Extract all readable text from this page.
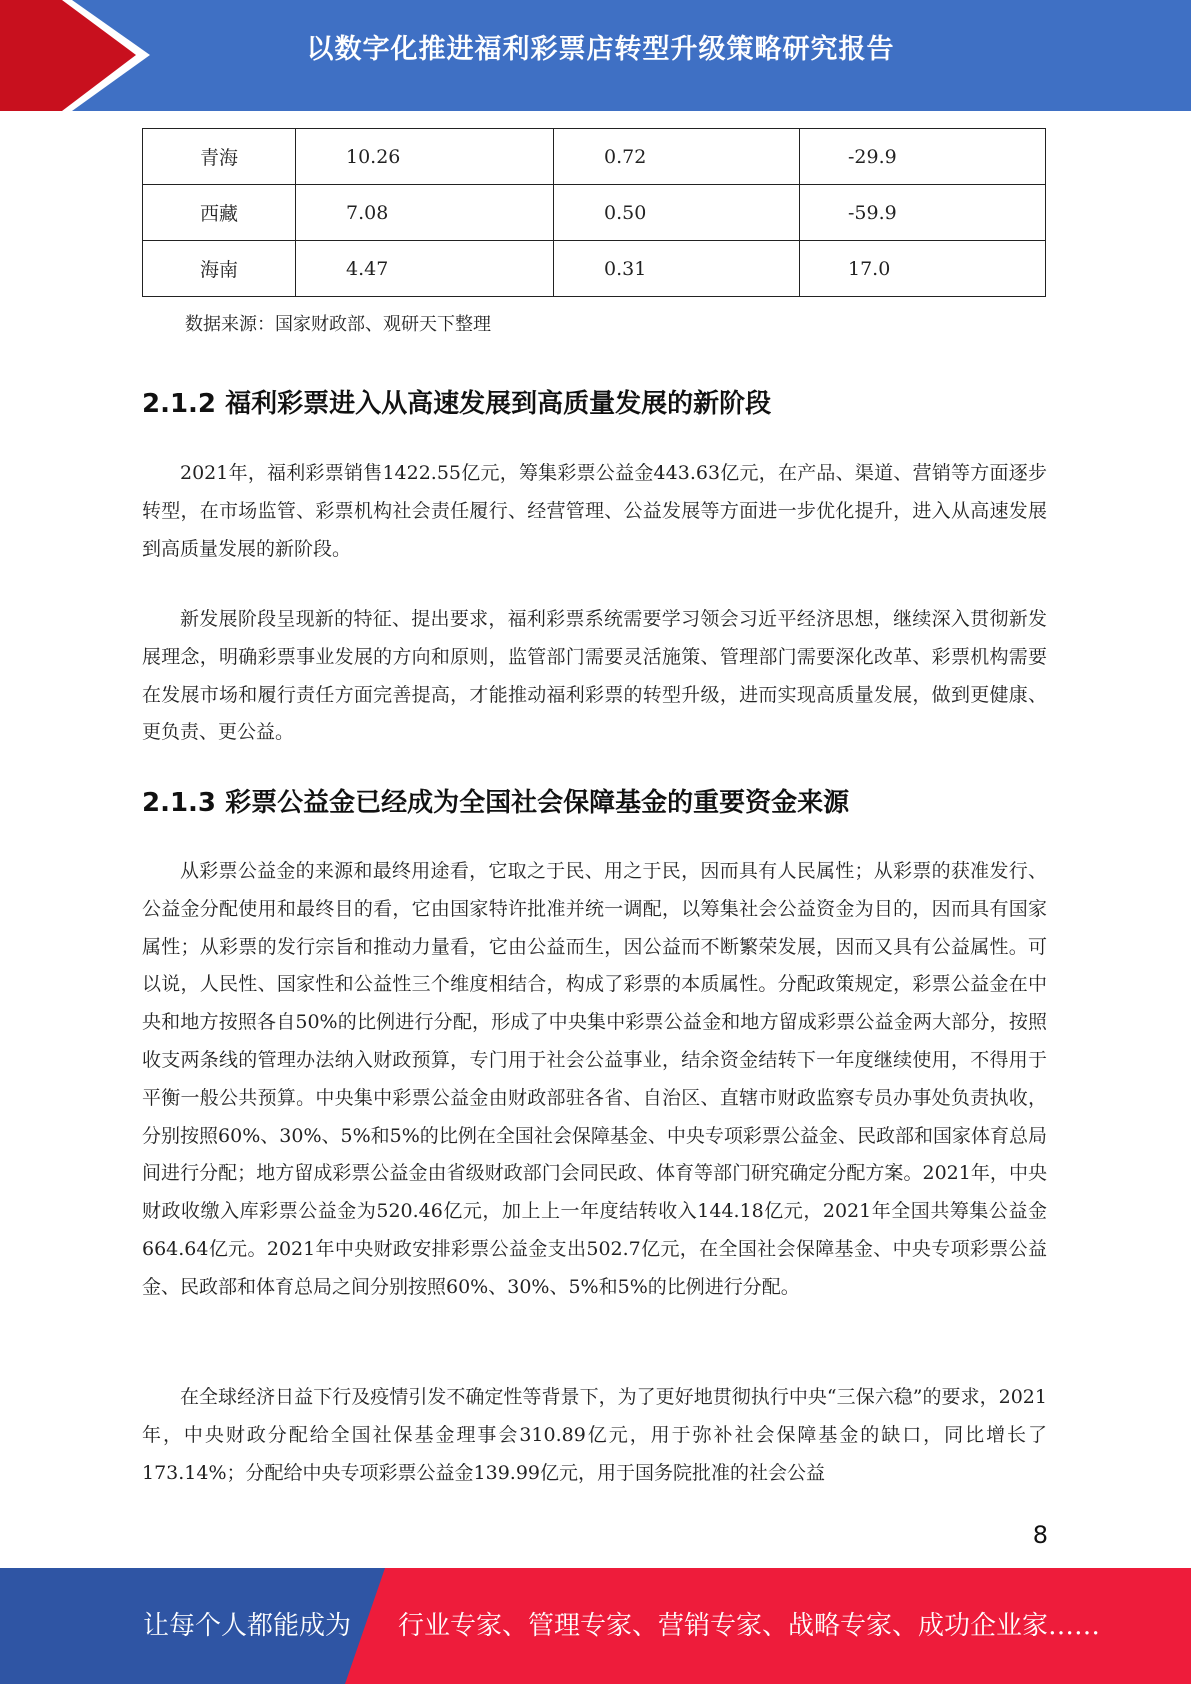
以数字化推进福利彩票店转型升级策略研究报告
青海	10.26	0.72	-29.9
西藏	7.08	0.50	-59.9
海南	4.47	0.31	17.0
数据来源：国家财政部、观研天下整理
2.1.2 福利彩票进入从高速发展到高质量发展的新阶段

2021年，福利彩票销售1422.55亿元，筹集彩票公益金443.63亿元，在产品、渠道、营销等方面逐步转型，在市场监管、彩票机构社会责任履行、经营管理、公益发展等方面进一步优化提升，进入从高速发展到高质量发展的新阶段。

新发展阶段呈现新的特征、提出要求，福利彩票系统需要学习领会习近平经济思想，继续深入贯彻新发展理念，明确彩票事业发展的方向和原则，监管部门需要灵活施策、管理部门需要深化改革、彩票机构需要在发展市场和履行责任方面完善提高，才能推动福利彩票的转型升级，进而实现高质量发展，做到更健康、更负责、更公益。

2.1.3 彩票公益金已经成为全国社会保障基金的重要资金来源

从彩票公益金的来源和最终用途看，它取之于民、用之于民，因而具有人民属性；从彩票的获准发行、公益金分配使用和最终目的看，它由国家特许批准并统一调配，以筹集社会公益资金为目的，因而具有国家属性；从彩票的发行宗旨和推动力量看，它由公益而生，因公益而不断繁荣发展，因而又具有公益属性。可以说，人民性、国家性和公益性三个维度相结合，构成了彩票的本质属性。分配政策规定，彩票公益金在中央和地方按照各自50%的比例进行分配，形成了中央集中彩票公益金和地方留成彩票公益金两大部分，按照收支两条线的管理办法纳入财政预算，专门用于社会公益事业，结余资金结转下一年度继续使用，不得用于平衡一般公共预算。中央集中彩票公益金由财政部驻各省、自治区、直辖市财政监察专员办事处负责执收，分别按照60%、30%、5%和5%的比例在全国社会保障基金、中央专项彩票公益金、民政部和国家体育总局间进行分配；地方留成彩票公益金由省级财政部门会同民政、体育等部门研究确定分配方案。2021年，中央财政收缴入库彩票公益金为520.46亿元，加上上一年度结转收入144.18亿元，2021年全国共筹集公益金664.64亿元。2021年中央财政安排彩票公益金支出502.7亿元，在全国社会保障基金、中央专项彩票公益金、民政部和体育总局之间分别按照60%、30%、5%和5%的比例进行分配。

在全球经济日益下行及疫情引发不确定性等背景下，为了更好地贯彻执行中央“三保六稳”的要求，2021年，中央财政分配给全国社保基金理事会310.89亿元，用于弥补社会保障基金的缺口，同比增长了173.14%；分配给中央专项彩票公益金139.99亿元，用于国务院批准的社会公益

8
让每个人都能成为 行业专家、管理专家、营销专家、战略专家、成功企业家……
